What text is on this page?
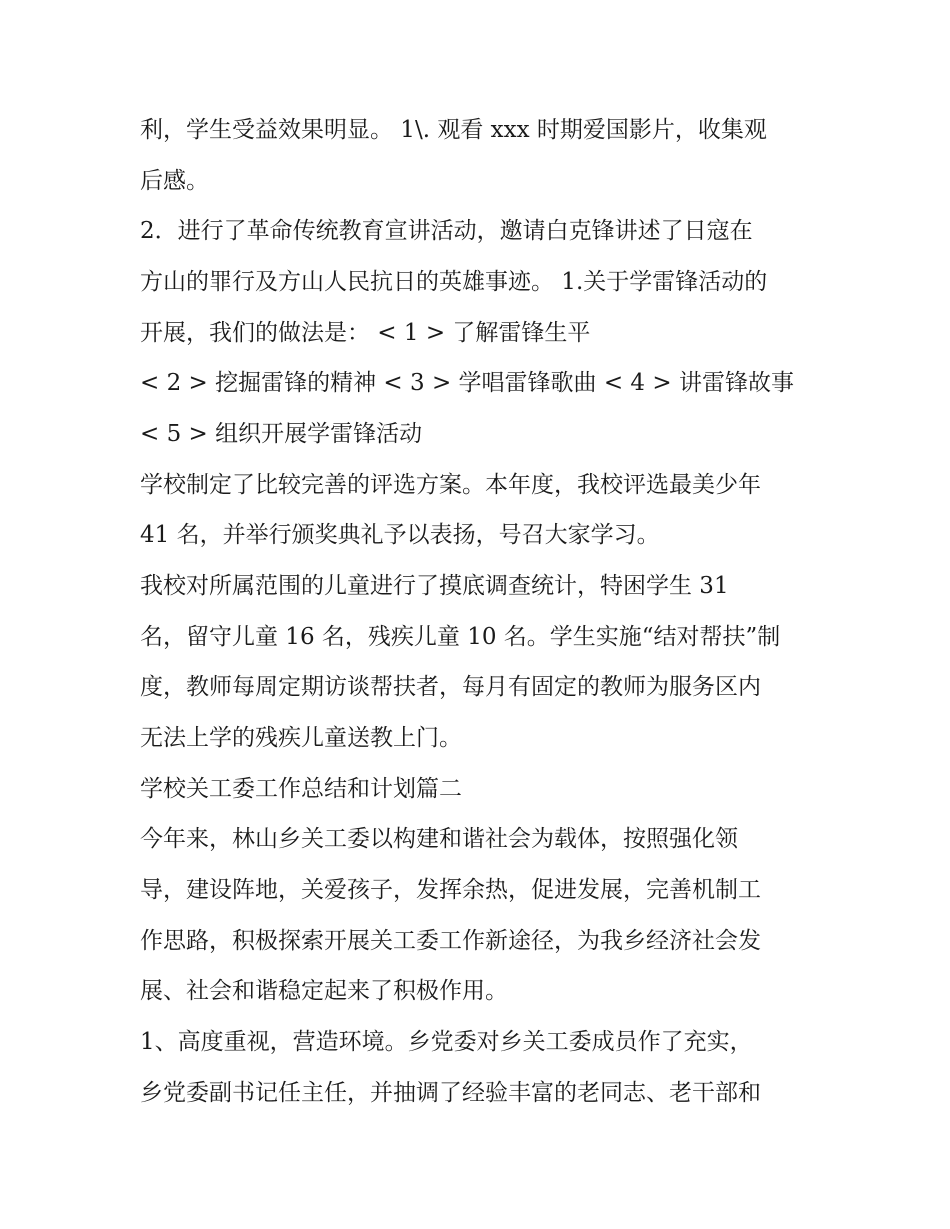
利，学生受益效果明显。 1\. 观看 xxx 时期爱国影片，收集观
后感。
2．进行了革命传统教育宣讲活动，邀请白克锋讲述了日寇在
方山的罪行及方山人民抗日的英雄事迹。 1.关于学雷锋活动的
开展，我们的做法是： < 1 > 了解雷锋生平
< 2 > 挖掘雷锋的精神 < 3 > 学唱雷锋歌曲 < 4 > 讲雷锋故事
< 5 > 组织开展学雷锋活动
学校制定了比较完善的评选方案。本年度，我校评选最美少年
41 名，并举行颁奖典礼予以表扬，号召大家学习。
我校对所属范围的儿童进行了摸底调查统计，特困学生 31
名，留守儿童 16 名，残疾儿童 10 名。学生实施“结对帮扶”制
度，教师每周定期访谈帮扶者，每月有固定的教师为服务区内
无法上学的残疾儿童送教上门。
学校关工委工作总结和计划篇二
今年来，林山乡关工委以构建和谐社会为载体，按照强化领
导，建设阵地，关爱孩子，发挥余热，促进发展，完善机制工
作思路，积极探索开展关工委工作新途径，为我乡经济社会发
展、社会和谐稳定起来了积极作用。
1、高度重视，营造环境。乡党委对乡关工委成员作了充实，
乡党委副书记任主任，并抽调了经验丰富的老同志、老干部和
